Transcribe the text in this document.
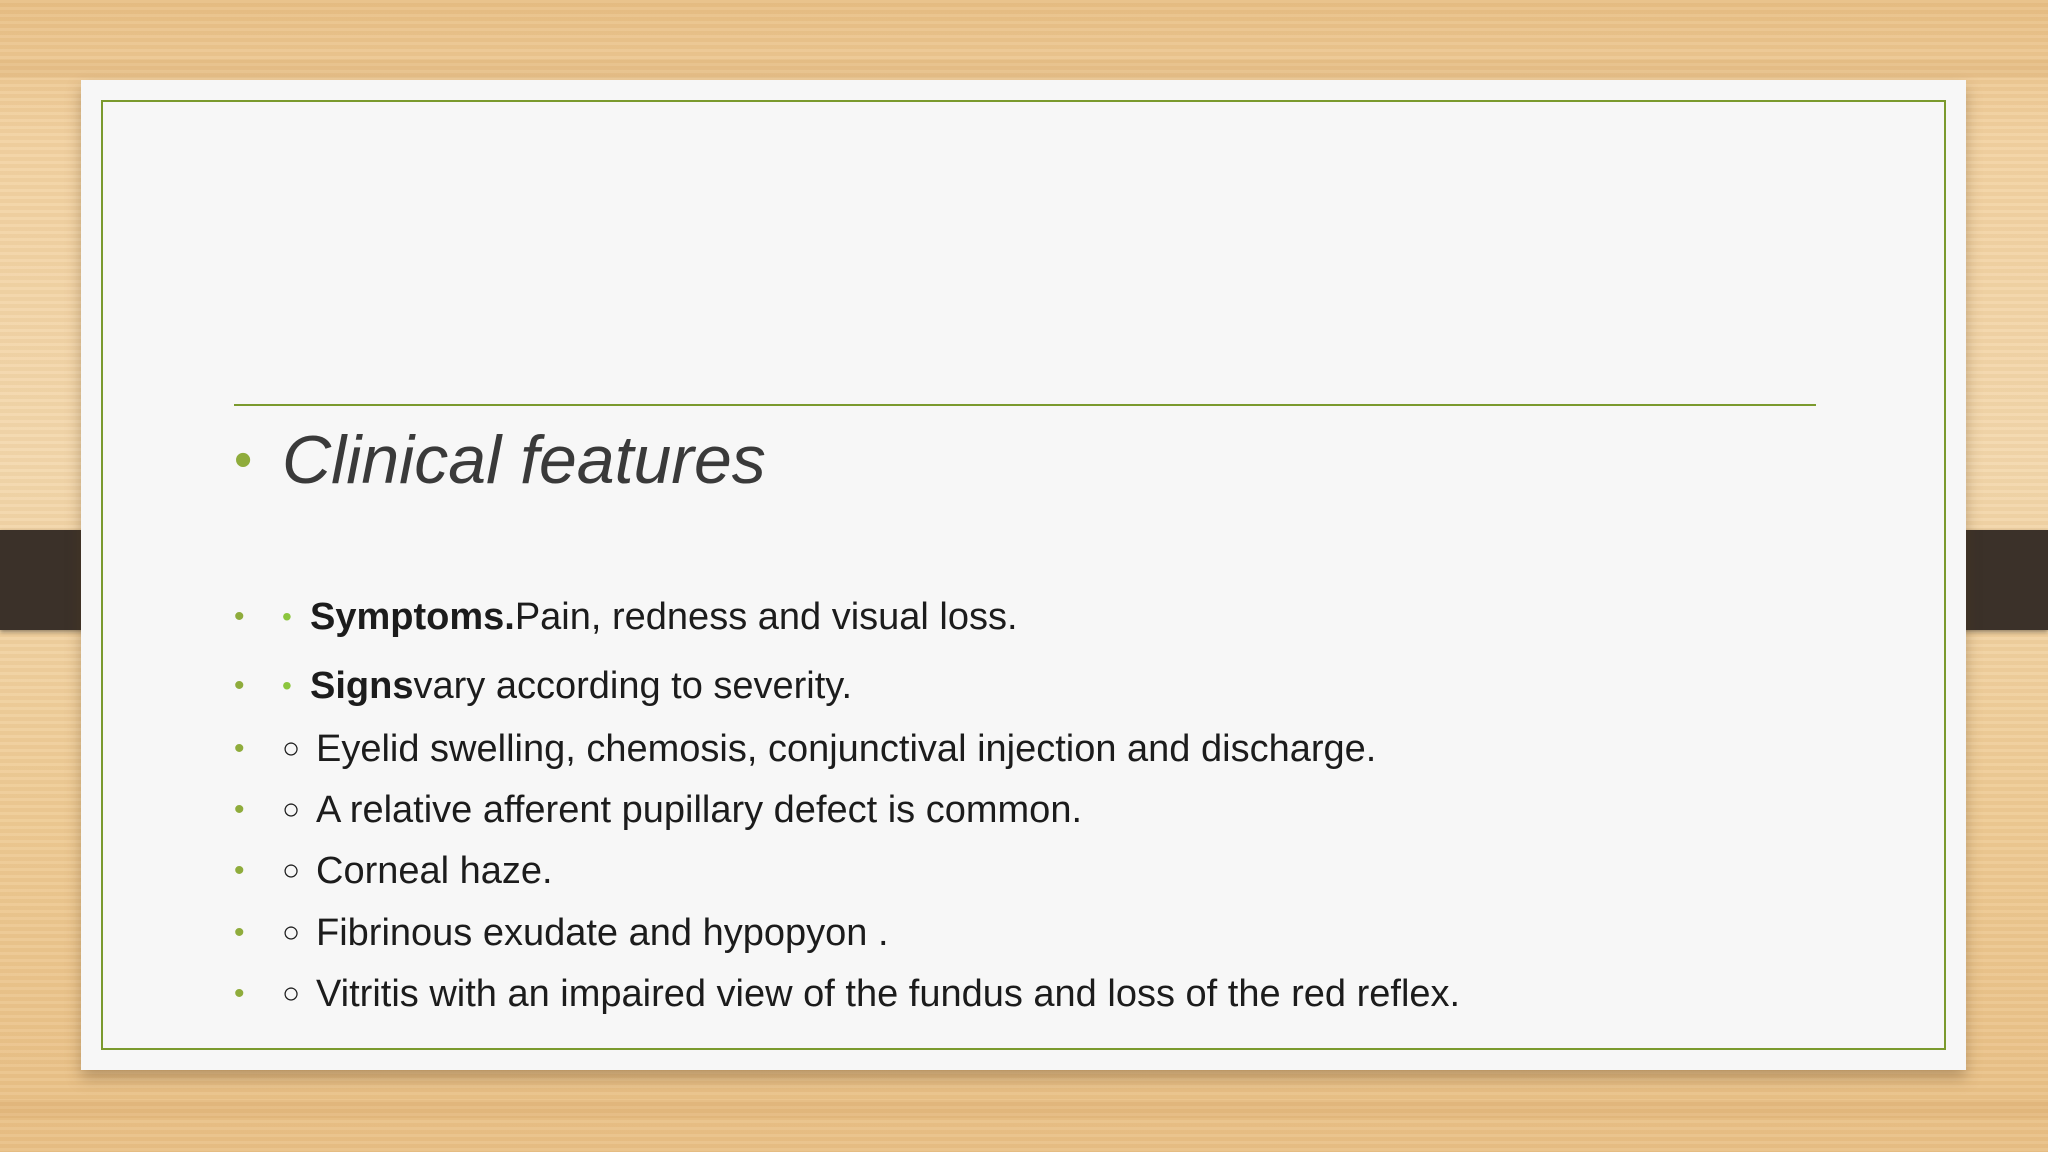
• Clinical features
•	• Symptoms. Pain, redness and visual loss.
•	• Signs vary according to severity.
•	○ Eyelid swelling, chemosis, conjunctival injection and discharge.
•	○ A relative afferent pupillary defect is common.
•	○ Corneal haze.
•	○ Fibrinous exudate and hypopyon .
•	○ Vitritis with an impaired view of the fundus and loss of the red reflex.
